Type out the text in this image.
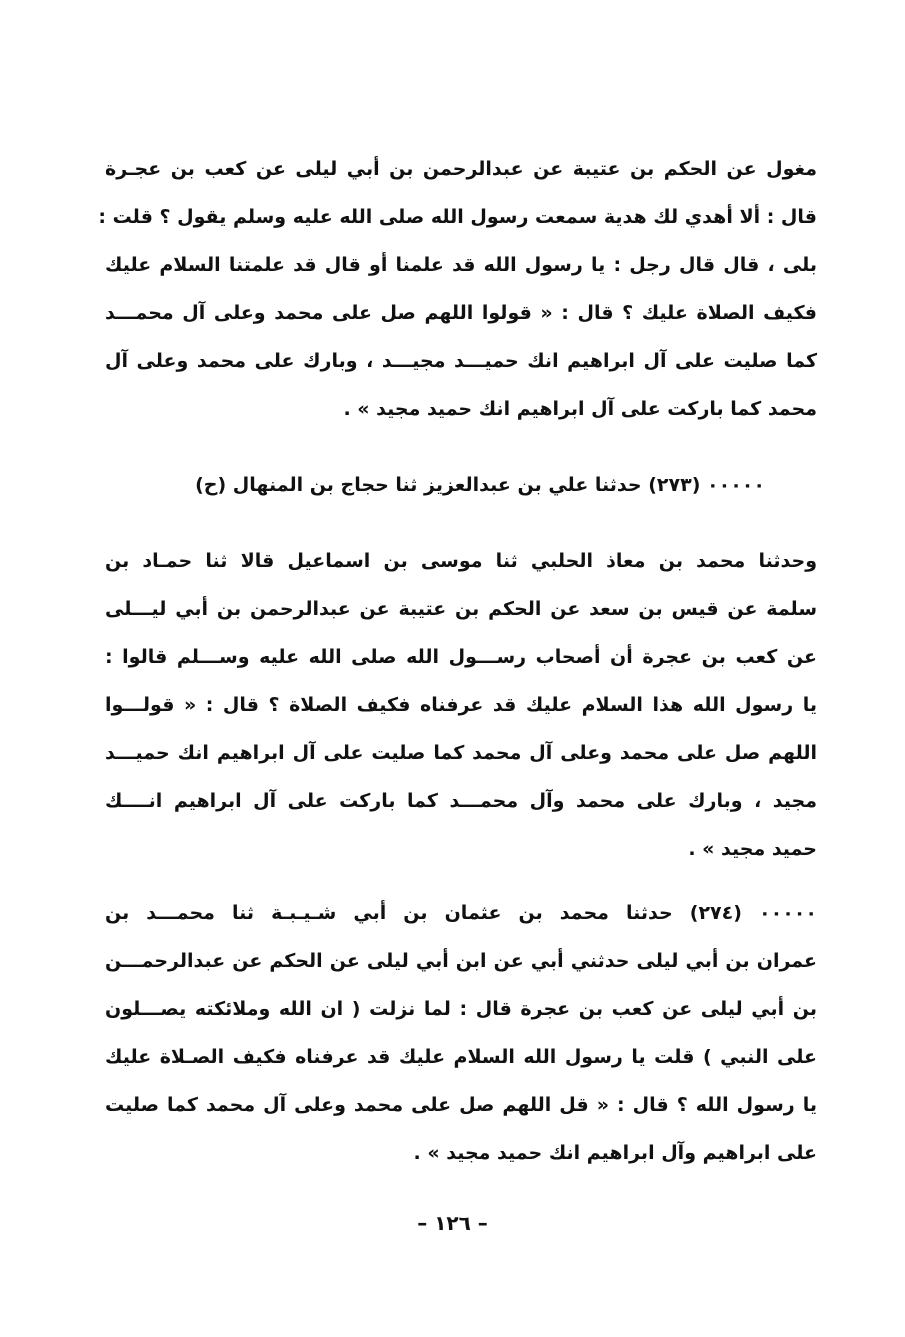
مغول عن الحكم بن عتيبة عن عبدالرحمن بن أبي ليلى عن كعب بن عجـرة
قال : ألا أهدي لك هدية سمعت رسول الله صلى الله عليه وسلم يقول ؟ قلت :
بلى ، قال قال رجل : يا رسول الله قد علمنا أو قال قد علمتنا السلام عليك
فكيف الصلاة عليك ؟ قال : « قولوا اللهم صل على محمد وعلى آل محمـــد
كما صليت على آل ابراهيم انك حميـــد مجيـــد ، وبارك على محمد وعلى آل
محمد كما باركت على آل ابراهيم انك حميد مجيد » .
۰۰۰۰۰ (۲۷۳) حدثنا علي بن عبدالعزيز ثنا حجاج بن المنهال (ح)
وحدثنا محمد بن معاذ الحلبي ثنا موسى بن اسماعيل قالا ثنا حمـاد بن
سلمة عن قيس بن سعد عن الحكم بن عتيبة عن عبدالرحمن بن أبي ليـــلى
عن كعب بن عجرة أن أصحاب رســـول الله صلى الله عليه وســـلم قالوا :
يا رسول الله هذا السلام عليك قد عرفناه فكيف الصلاة ؟ قال : « قولـــوا
اللهم صل على محمد وعلى آل محمد كما صليت على آل ابراهيم انك حميـــد
مجيد ، وبارك على محمد وآل محمـــد كما باركت على آل ابراهيم انــــك
حميد مجيد » .
۰۰۰۰۰ (۲۷٤) حدثنا محمد بن عثمان بن أبي شـيـبـة ثنا محمـــد بن
عمران بن أبي ليلى حدثني أبي عن ابن أبي ليلى عن الحكم عن عبدالرحمـــن
بن أبي ليلى عن كعب بن عجرة قال : لما نزلت ( ان الله وملائكته يصـــلون
على النبي ) قلت يا رسول الله السلام عليك قد عرفناه فكيف الصـلاة عليك
يا رسول الله ؟ قال : « قل اللهم صل على محمد وعلى آل محمد كما صليت
على ابراهيم وآل ابراهيم انك حميد مجيد » .
– ١٢٦ –
